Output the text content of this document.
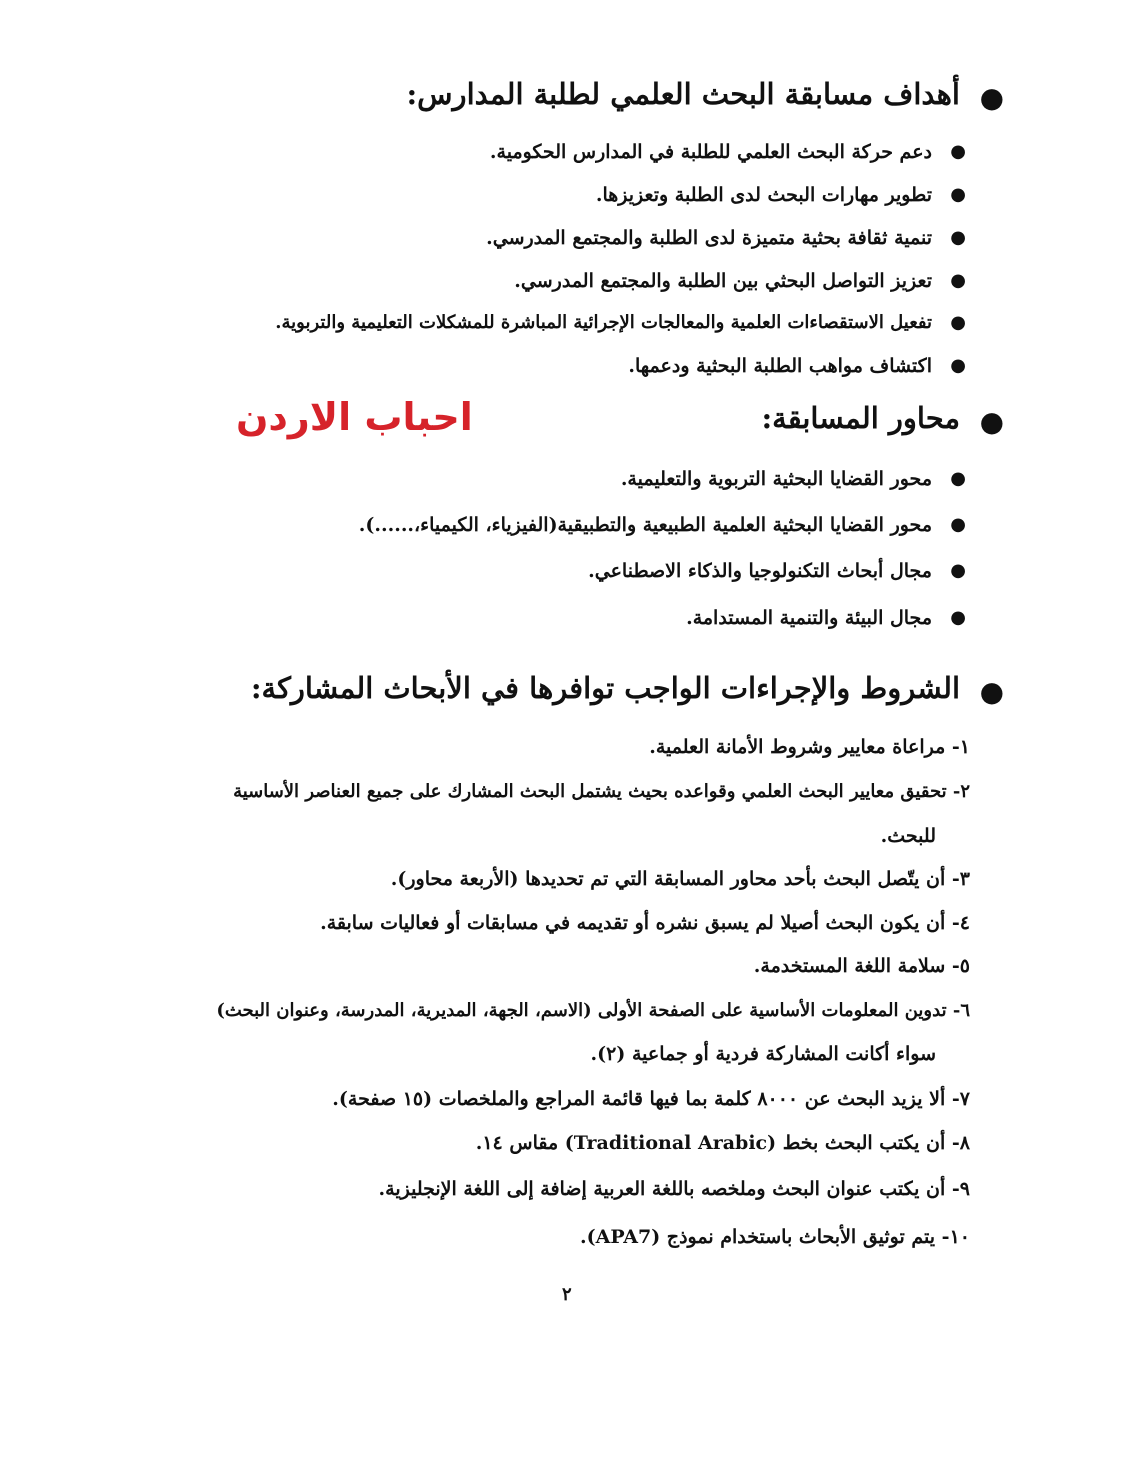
●
أهداف مسابقة البحث العلمي لطلبة المدارس:
●
دعم حركة البحث العلمي للطلبة في المدارس الحكومية.
●
تطوير مهارات البحث لدى الطلبة وتعزيزها.
●
تنمية ثقافة بحثية متميزة لدى الطلبة والمجتمع المدرسي.
●
تعزيز التواصل البحثي بين الطلبة والمجتمع المدرسي.
●
تفعيل الاستقصاءات العلمية والمعالجات الإجرائية المباشرة للمشكلات التعليمية والتربوية.
●
اكتشاف مواهب الطلبة البحثية ودعمها.
احباب الاردن	●
محاور المسابقة:
●
محور القضايا البحثية التربوية والتعليمية.
●
محور القضايا البحثية العلمية الطبيعية والتطبيقية(الفيزياء، الكيمياء،......).
●
مجال أبحاث التكنولوجيا والذكاء الاصطناعي.
●
مجال البيئة والتنمية المستدامة.
●
الشروط والإجراءات الواجب توافرها في الأبحاث المشاركة:
١- مراعاة معايير وشروط الأمانة العلمية.
٢- تحقيق معايير البحث العلمي وقواعده بحيث يشتمل البحث المشارك على جميع العناصر الأساسية
للبحث.
٣- أن يتّصل البحث بأحد محاور المسابقة التي تم تحديدها (الأربعة محاور).
٤- أن يكون البحث أصيلا لم يسبق نشره أو تقديمه في مسابقات أو فعاليات سابقة.
٥- سلامة اللغة المستخدمة.
٦- تدوين المعلومات الأساسية على الصفحة الأولى (الاسم، الجهة، المديرية، المدرسة، وعنوان البحث)
سواء أكانت المشاركة فردية أو جماعية (٢).
٧- ألا يزيد البحث عن ٨٠٠٠ كلمة بما فيها قائمة المراجع والملخصات (١٥ صفحة).
٨- أن يكتب البحث بخط (Traditional Arabic) مقاس ١٤.
٩- أن يكتب عنوان البحث وملخصه باللغة العربية إضافة إلى اللغة الإنجليزية.
١٠- يتم توثيق الأبحاث باستخدام نموذج (APA7).
٢
